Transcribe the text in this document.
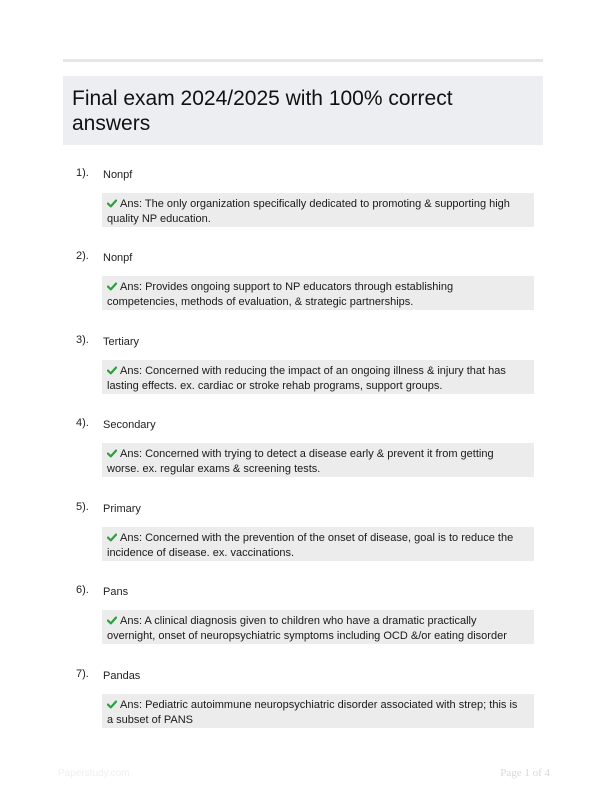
Final exam 2024/2025 with 100% correct answers
1). Nonpf
Ans: The only organization specifically dedicated to promoting & supporting high quality NP education.
2). Nonpf
Ans: Provides ongoing support to NP educators through establishing competencies, methods of evaluation, & strategic partnerships.
3). Tertiary
Ans: Concerned with reducing the impact of an ongoing illness & injury that has lasting effects. ex. cardiac or stroke rehab programs, support groups.
4). Secondary
Ans: Concerned with trying to detect a disease early & prevent it from getting worse. ex. regular exams & screening tests.
5). Primary
Ans: Concerned with the prevention of the onset of disease, goal is to reduce the incidence of disease. ex. vaccinations.
6). Pans
Ans: A clinical diagnosis given to children who have a dramatic practically overnight, onset of neuropsychiatric symptoms including OCD &/or eating disorder
7). Pandas
Ans: Pediatric autoimmune neuropsychiatric disorder associated with strep; this is a subset of PANS
Paperstudy.com	Page 1 of 4
